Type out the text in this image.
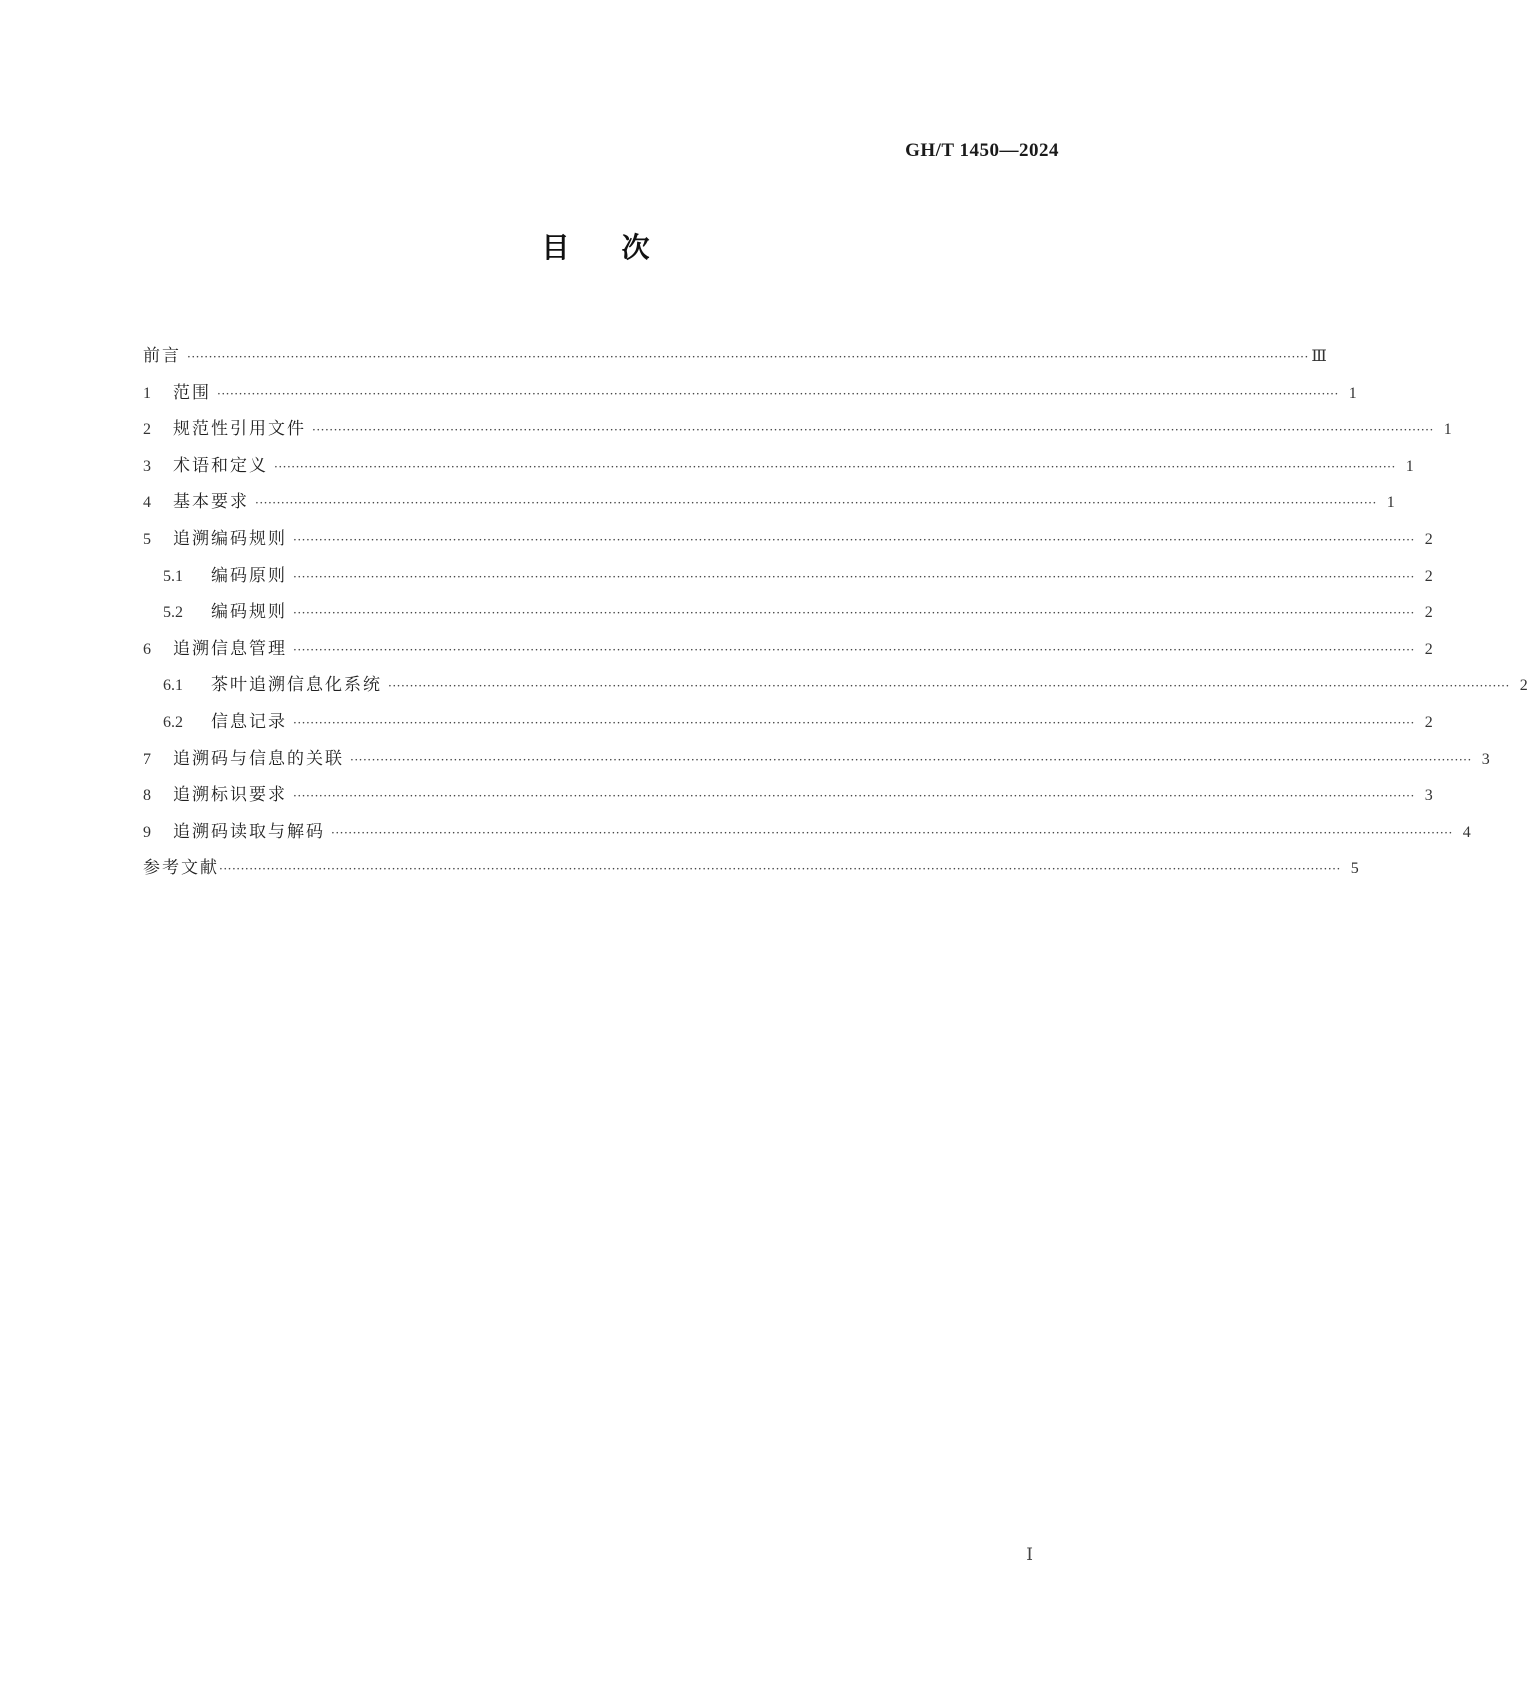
GH/T 1450—2024
目次
前言 ···································································································································································································································································· Ⅲ
1	范围 ···································································································································································································································································· 1
2	规范性引用文件 ···································································································································································································································································· 1
3	术语和定义 ···································································································································································································································································· 1
4	基本要求 ···································································································································································································································································· 1
5	追溯编码规则 ···································································································································································································································································· 2
5.1	编码原则 ···································································································································································································································································· 2
5.2	编码规则 ···································································································································································································································································· 2
6	追溯信息管理 ···································································································································································································································································· 2
6.1	茶叶追溯信息化系统 ···································································································································································································································································· 2
6.2	信息记录 ···································································································································································································································································· 2
7	追溯码与信息的关联 ···································································································································································································································································· 3
8	追溯标识要求 ···································································································································································································································································· 3
9	追溯码读取与解码 ···································································································································································································································································· 4
参考文献 ···································································································································································································································································· 5
Ⅰ
